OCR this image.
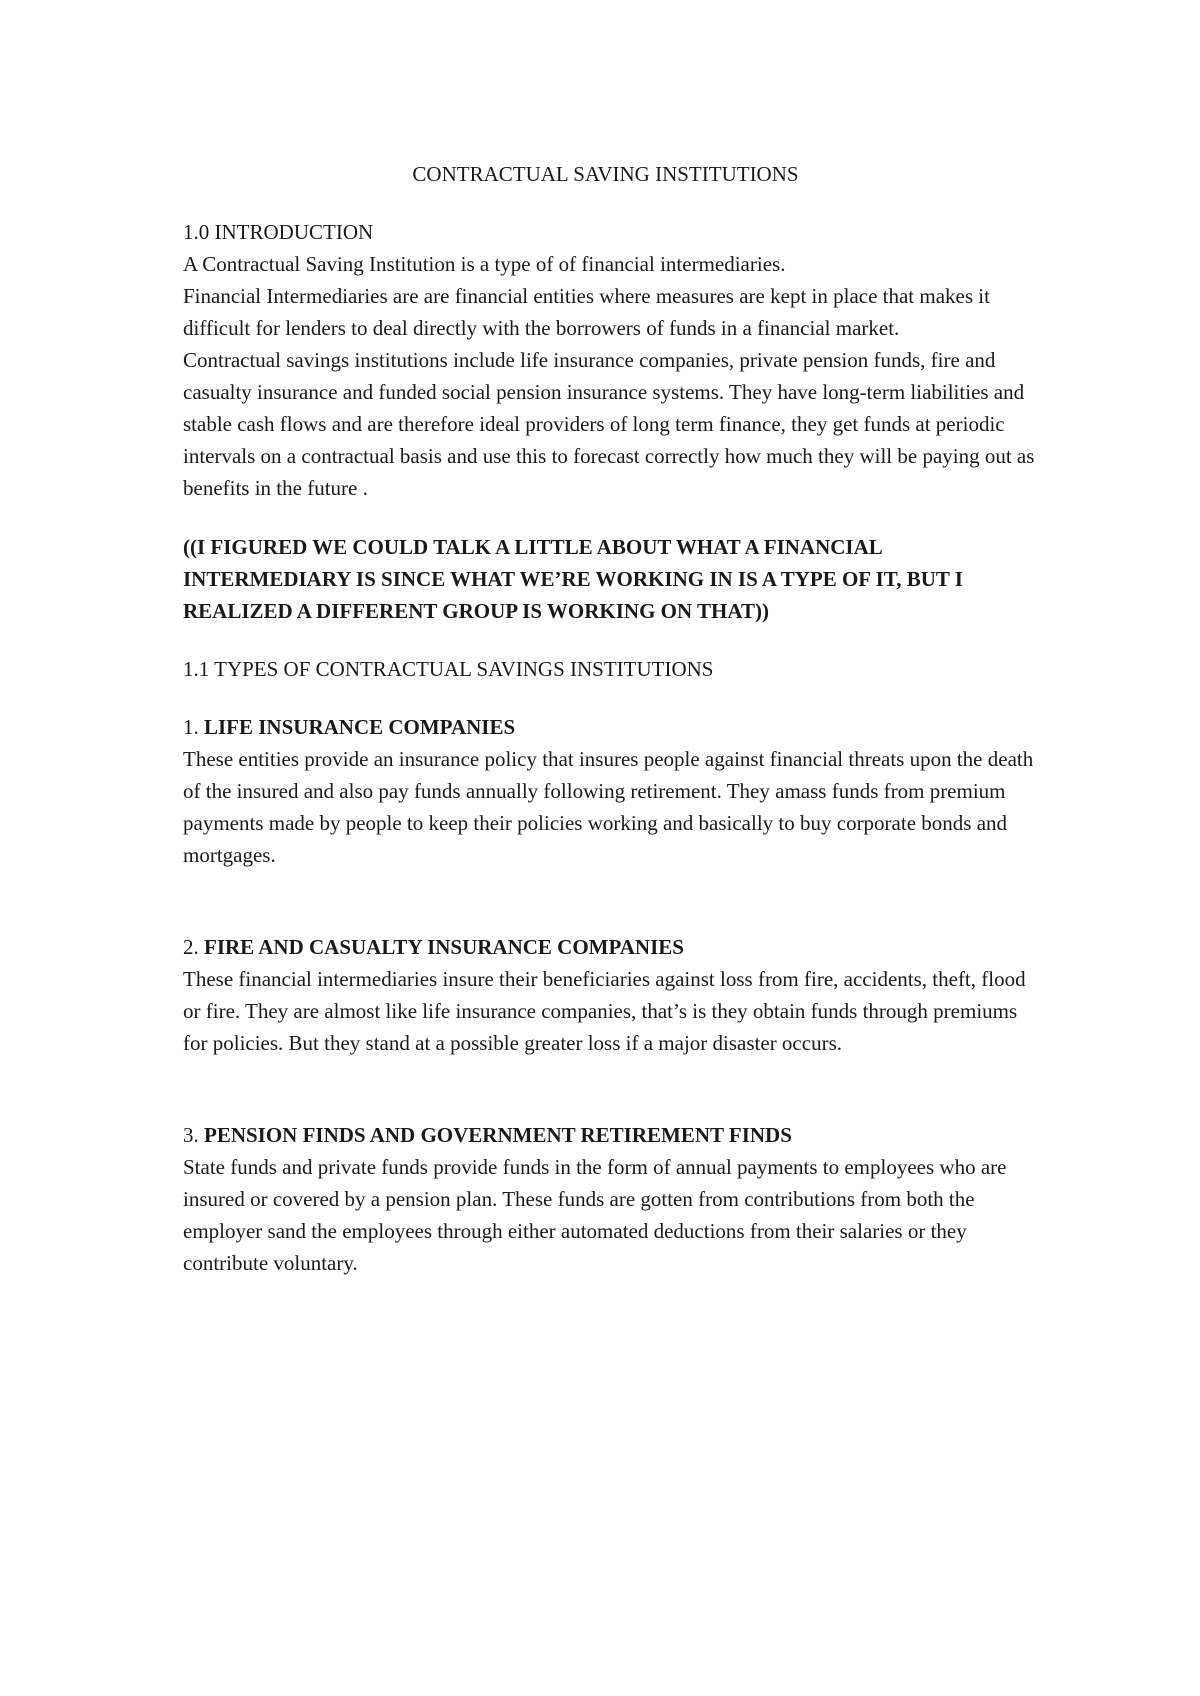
CONTRACTUAL SAVING INSTITUTIONS

1.0 INTRODUCTION

A Contractual Saving Institution is a type of of financial intermediaries.

Financial Intermediaries are are financial entities where measures are kept in place that makes it difficult for lenders to deal directly with the borrowers of funds in a financial market.

Contractual savings institutions include life insurance companies, private pension funds, fire and casualty insurance and funded social pension insurance systems. They have long-term liabilities and stable cash flows and are therefore ideal providers of long term finance, they get funds at periodic intervals on a contractual basis and use this to forecast correctly how much they will be paying out as benefits in the future .

((I FIGURED WE COULD TALK A LITTLE ABOUT WHAT A FINANCIAL INTERMEDIARY IS SINCE WHAT WE’RE WORKING IN IS A TYPE OF IT, BUT I REALIZED A DIFFERENT GROUP IS WORKING ON THAT))

1.1 TYPES OF CONTRACTUAL SAVINGS INSTITUTIONS

1. LIFE INSURANCE COMPANIES

These entities provide an insurance policy that insures people against financial threats upon the death of the insured and also pay funds annually following retirement. They amass funds from premium payments made by people to keep their policies working and basically to buy corporate bonds and mortgages.

2. FIRE AND CASUALTY INSURANCE COMPANIES

These financial intermediaries insure their beneficiaries against loss from fire, accidents, theft, flood or fire. They are almost like life insurance companies, that’s is they obtain funds through premiums for policies. But they stand at a possible greater loss if a major disaster occurs.

3. PENSION FINDS AND GOVERNMENT RETIREMENT FINDS

State funds and private funds provide funds in the form of annual payments to employees who are insured or covered by a pension plan. These funds are gotten from contributions from both the employer sand the employees through either automated deductions from their salaries or they contribute voluntary.
